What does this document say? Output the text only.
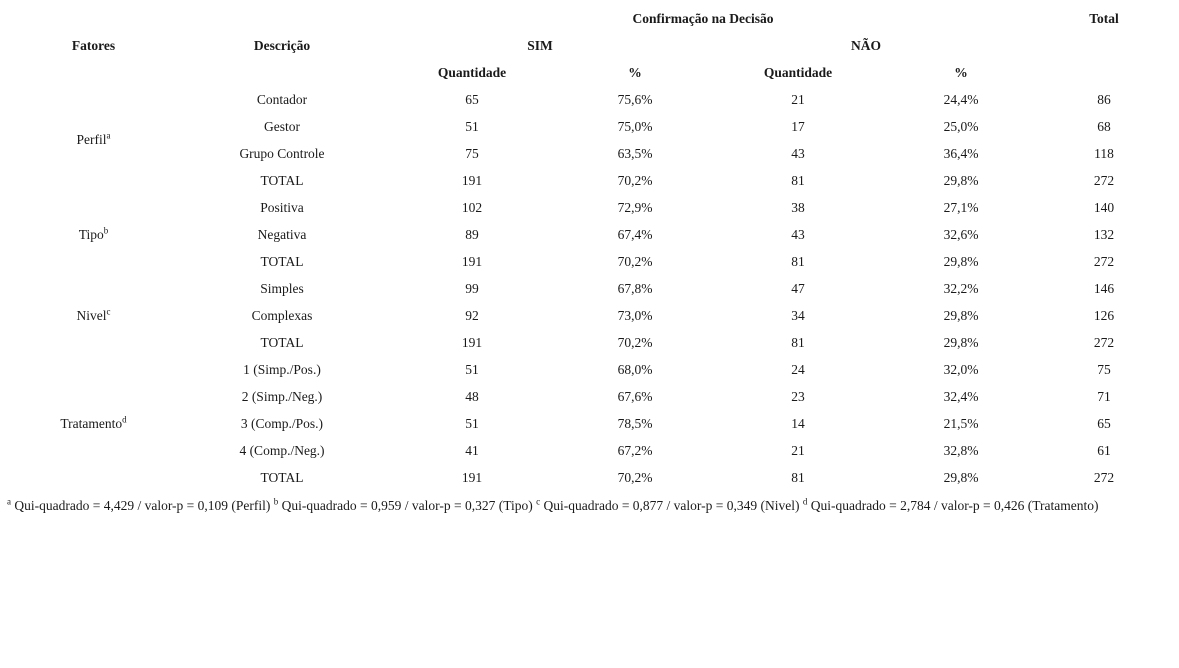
		Confirmação na Decisão				Total
Fatores	Descrição	SIM		NÃO		
		Quantidade	%	Quantidade	%	
Perfil$^a$	Contador	65	75,6%	21	24,4%	86
	Gestor	51	75,0%	17	25,0%	68
	Grupo Controle	75	63,5%	43	36,4%	118
	TOTAL	191	70,2%	81	29,8%	272
Tipo$^b$	Positiva	102	72,9%	38	27,1%	140
	Negativa	89	67,4%	43	32,6%	132
	TOTAL	191	70,2%	81	29,8%	272
Nivel$^c$	Simples	99	67,8%	47	32,2%	146
	Complexas	92	73,0%	34	29,8%	126
	TOTAL	191	70,2%	81	29,8%	272
Tratamento$^d$	1 (Simp./Pos.)	51	68,0%	24	32,0%	75
	2 (Simp./Neg.)	48	67,6%	23	32,4%	71
	3 (Comp./Pos.)	51	78,5%	14	21,5%	65
	4 (Comp./Neg.)	41	67,2%	21	32,8%	61
	TOTAL	191	70,2%	81	29,8%	272
$^a$ Qui-quadrado = 4,429 / valor-p = 0,109 (Perfil) $^b$ Qui-quadrado = 0,959 / valor-p = 0,327 (Tipo) $^c$ Qui-quadrado = 0,877 / valor-p = 0,349 (Nivel) $^d$ Qui-quadrado = 2,784 / valor-p = 0,426 (Tratamento)
